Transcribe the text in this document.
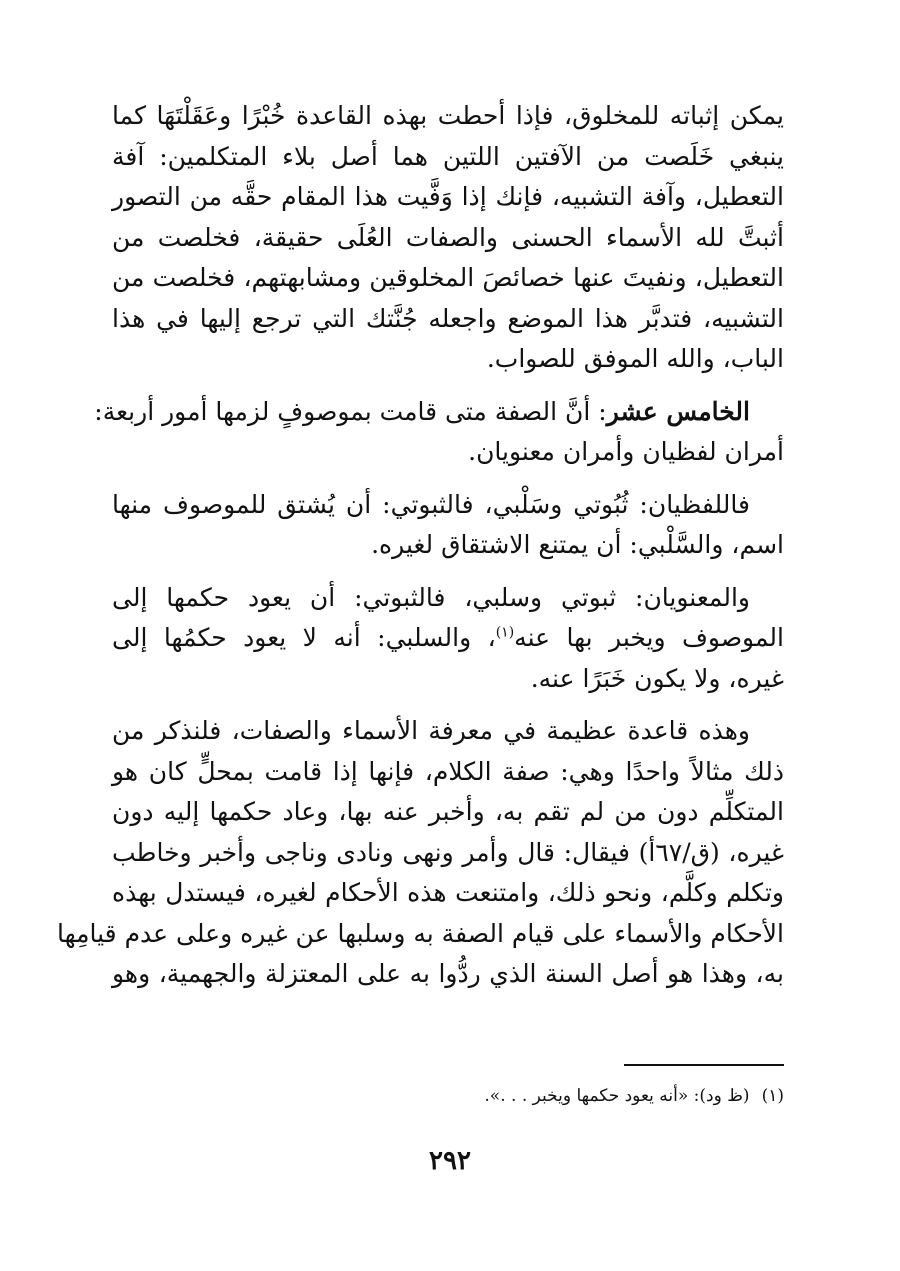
يمكن إثباته للمخلوق، فإذا أحطت بهذه القاعدة خُبْرًا وعَقَلْتَهَا كما
ينبغي خَلَصت من الآفتين اللتين هما أصل بلاء المتكلمين: آفة
التعطيل، وآفة التشبيه، فإنك إذا وَفَّيت هذا المقام حقَّه من التصور
أثبتَّ لله الأسماء الحسنى والصفات العُلَى حقيقة، فخلصت من
التعطيل، ونفيتَ عنها خصائصَ المخلوقين ومشابهتهم، فخلصت من
التشبيه، فتدبَّر هذا الموضع واجعله جُنَّتك التي ترجع إليها في هذا
الباب، والله الموفق للصواب.

الخامس عشر: أنَّ الصفة متى قامت بموصوفٍ لزمها أمور أربعة:
أمران لفظيان وأمران معنويان.

فاللفظيان: ثُبُوتي وسَلْبي، فالثبوتي: أن يُشتق للموصوف منها
اسم، والسَّلْبي: أن يمتنع الاشتقاق لغيره.

والمعنويان: ثبوتي وسلبي، فالثبوتي: أن يعود حكمها إلى
الموصوف ويخبر بها عنه$^{(١)}$، والسلبي: أنه لا يعود حكمُها إلى
غيره، ولا يكون خَبَرًا عنه.

وهذه قاعدة عظيمة في معرفة الأسماء والصفات، فلنذكر من
ذلك مثالاً واحدًا وهي: صفة الكلام، فإنها إذا قامت بمحلٍّ كان هو
المتكلِّم دون من لم تقم به، وأخبر عنه بها، وعاد حكمها إليه دون
غيره، (ق/٦٧أ) فيقال: قال وأمر ونهى ونادى وناجى وأخبر وخاطب
وتكلم وكلَّم، ونحو ذلك، وامتنعت هذه الأحكام لغيره، فيستدل بهذه
الأحكام والأسماء على قيام الصفة به وسلبها عن غيره وعلى عدم قيامِها
به، وهذا هو أصل السنة الذي ردُّوا به على المعتزلة والجهمية، وهو

(١)(ظ ود): «أنه يعود حكمها ويخبر . . .».
٢٩٢
